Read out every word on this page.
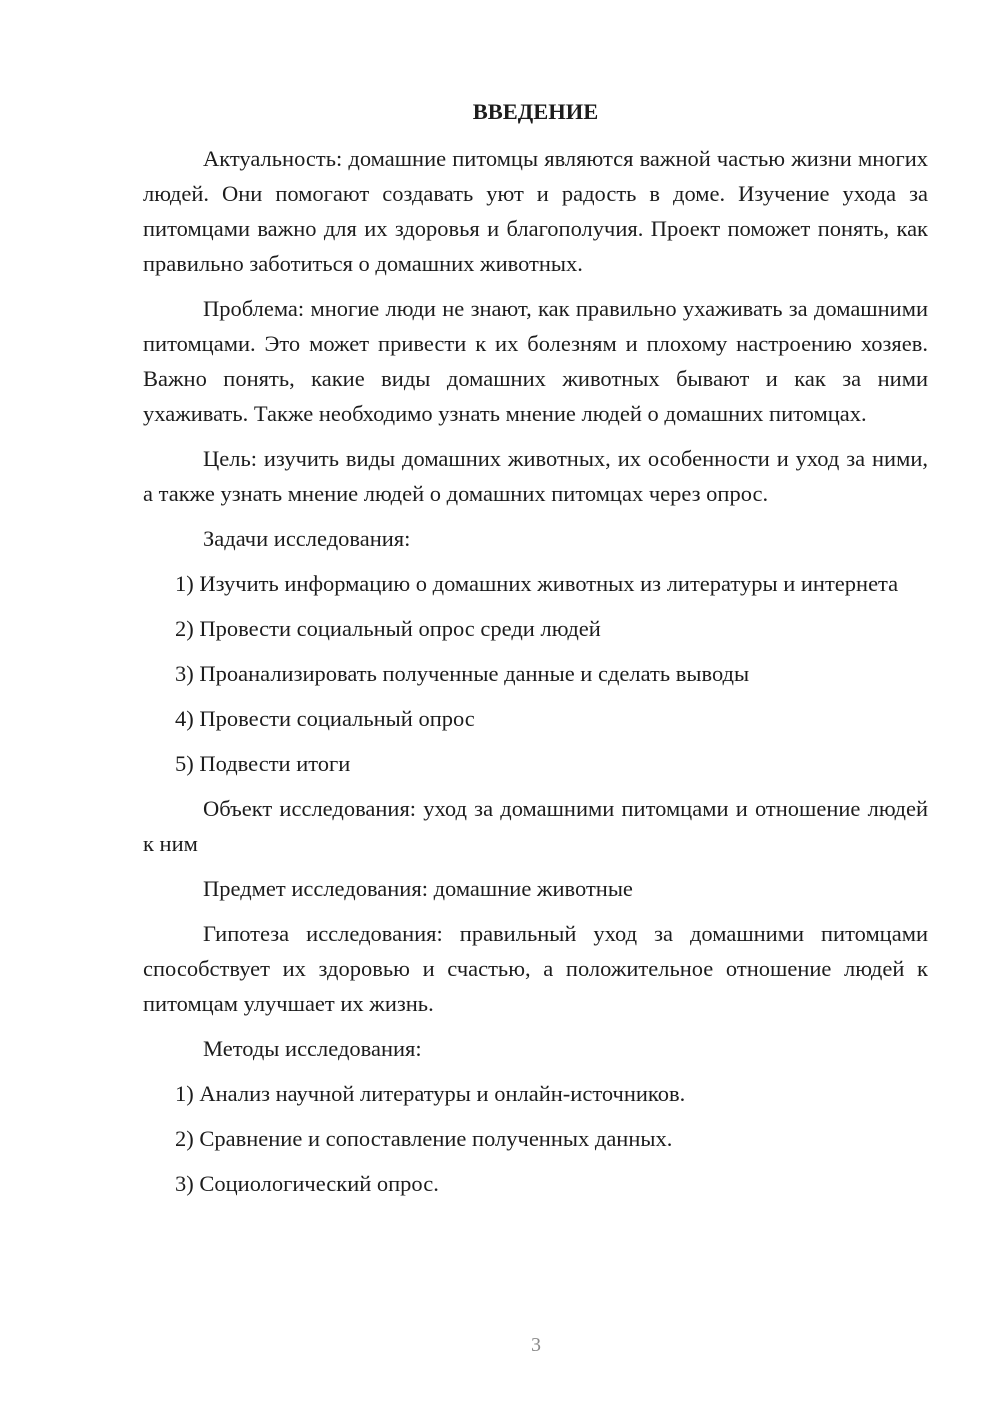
ВВЕДЕНИЕ
Актуальность: домашние питомцы являются важной частью жизни многих людей. Они помогают создавать уют и радость в доме. Изучение ухода за питомцами важно для их здоровья и благополучия. Проект поможет понять, как правильно заботиться о домашних животных.
Проблема: многие люди не знают, как правильно ухаживать за домашними питомцами. Это может привести к их болезням и плохому настроению хозяев. Важно понять, какие виды домашних животных бывают и как за ними ухаживать. Также необходимо узнать мнение людей о домашних питомцах.
Цель: изучить виды домашних животных, их особенности и уход за ними, а также узнать мнение людей о домашних питомцах через опрос.
Задачи исследования:
1) Изучить информацию о домашних животных из литературы и интернета
2) Провести социальный опрос среди людей
3) Проанализировать полученные данные и сделать выводы
4) Провести социальный опрос
5) Подвести итоги
Объект исследования: уход за домашними питомцами и отношение людей к ним
Предмет исследования: домашние животные
Гипотеза исследования: правильный уход за домашними питомцами способствует их здоровью и счастью, а положительное отношение людей к питомцам улучшает их жизнь.
Методы исследования:
1) Анализ научной литературы и онлайн-источников.
2) Сравнение и сопоставление полученных данных.
3) Социологический опрос.
3
